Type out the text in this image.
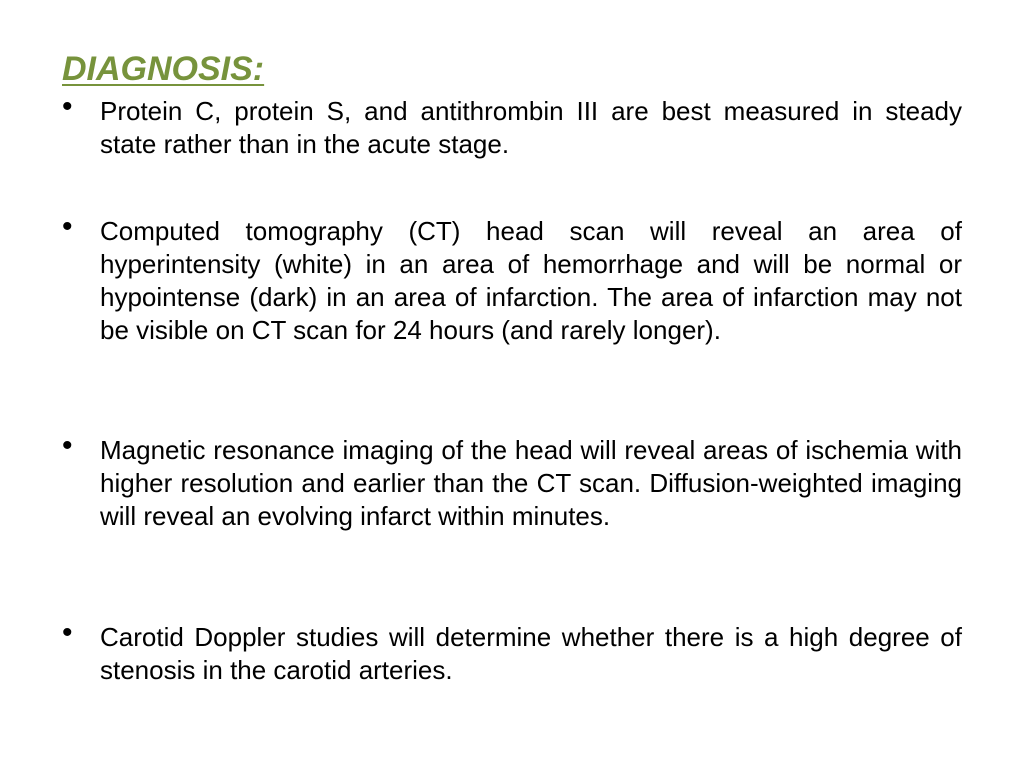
DIAGNOSIS:
• Protein C, protein S, and antithrombin III are best measured in steady state rather than in the acute stage.

• Computed tomography (CT) head scan will reveal an area of hyperintensity (white) in an area of hemorrhage and will be normal or hypointense (dark) in an area of infarction. The area of infarction may not be visible on CT scan for 24 hours (and rarely longer).

• Magnetic resonance imaging of the head will reveal areas of ischemia with higher resolution and earlier than the CT scan. Diffusion-weighted imaging will reveal an evolving infarct within minutes.

• Carotid Doppler studies will determine whether there is a high degree of stenosis in the carotid arteries.
